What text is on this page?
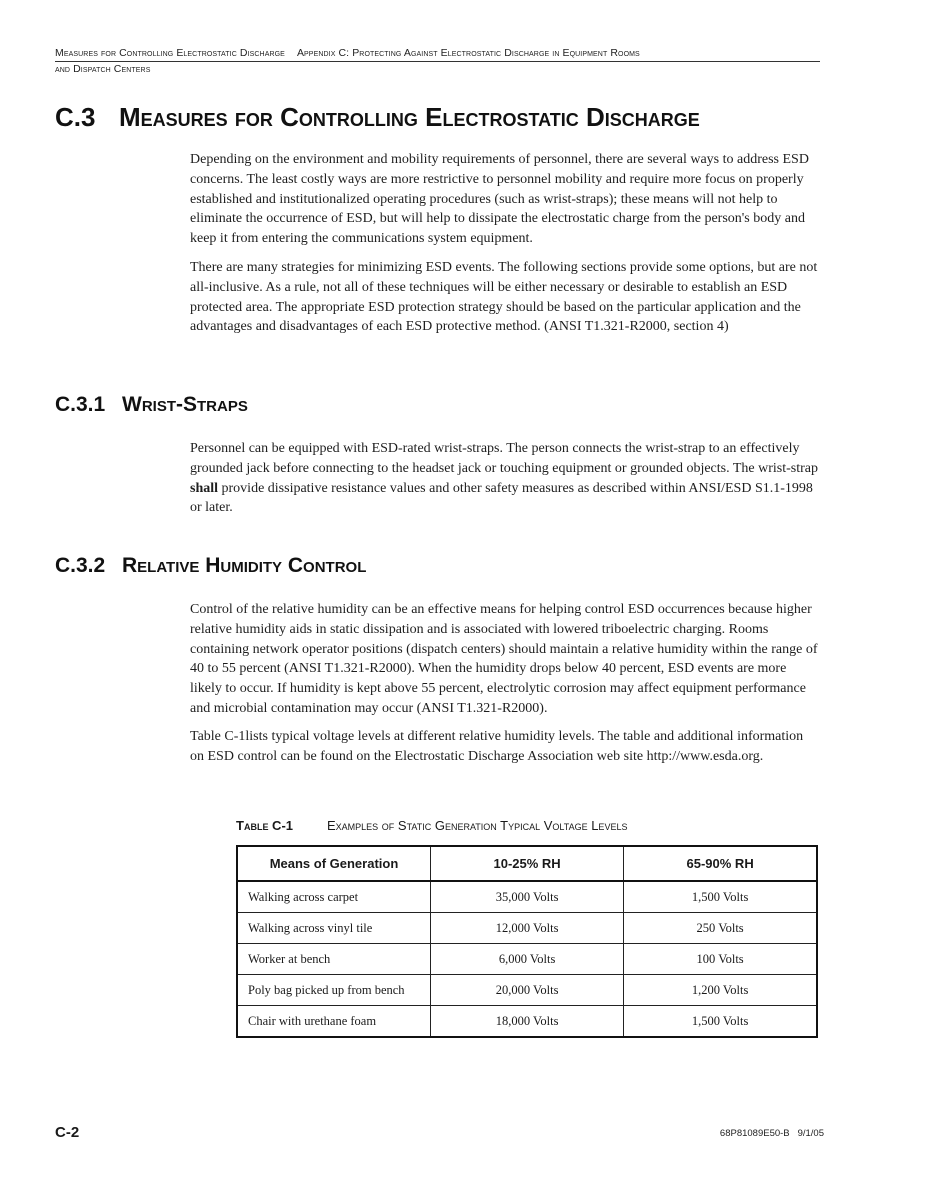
Measures for Controlling Electrostatic Discharge Appendix C: Protecting Against Electrostatic Discharge in Equipment Rooms
and Dispatch Centers
C.3 Measures for Controlling Electrostatic Discharge

Depending on the environment and mobility requirements of personnel, there are several ways to address ESD concerns. The least costly ways are more restrictive to personnel mobility and require more focus on properly established and institutionalized operating procedures (such as wrist-straps); these means will not help to eliminate the occurrence of ESD, but will help to dissipate the electrostatic charge from the person's body and keep it from entering the communications system equipment.

There are many strategies for minimizing ESD events. The following sections provide some options, but are not all-inclusive. As a rule, not all of these techniques will be either necessary or desirable to establish an ESD protected area. The appropriate ESD protection strategy should be based on the particular application and the advantages and disadvantages of each ESD protective method. (ANSI T1.321-R2000, section 4)

C.3.1 Wrist-Straps

Personnel can be equipped with ESD-rated wrist-straps. The person connects the wrist-strap to an effectively grounded jack before connecting to the headset jack or touching equipment or grounded objects. The wrist-strap shall provide dissipative resistance values and other safety measures as described within ANSI/ESD S1.1-1998 or later.

C.3.2 Relative Humidity Control

Control of the relative humidity can be an effective means for helping control ESD occurrences because higher relative humidity aids in static dissipation and is associated with lowered triboelectric charging. Rooms containing network operator positions (dispatch centers) should maintain a relative humidity within the range of 40 to 55 percent (ANSI T1.321-R2000). When the humidity drops below 40 percent, ESD events are more likely to occur. If humidity is kept above 55 percent, electrolytic corrosion may affect equipment performance and microbial contamination may occur (ANSI T1.321-R2000).

Table C-1lists typical voltage levels at different relative humidity levels. The table and additional information on ESD control can be found on the Electrostatic Discharge Association web site http://www.esda.org.

Table C-1	Examples of Static Generation Typical Voltage Levels
Means of Generation	10-25% RH	65-90% RH
Walking across carpet	35,000 Volts	1,500 Volts
Walking across vinyl tile	12,000 Volts	250 Volts
Worker at bench	6,000 Volts	100 Volts
Poly bag picked up from bench	20,000 Volts	1,200 Volts
Chair with urethane foam	18,000 Volts	1,500 Volts
C-2	68P81089E50-B 9/1/05
